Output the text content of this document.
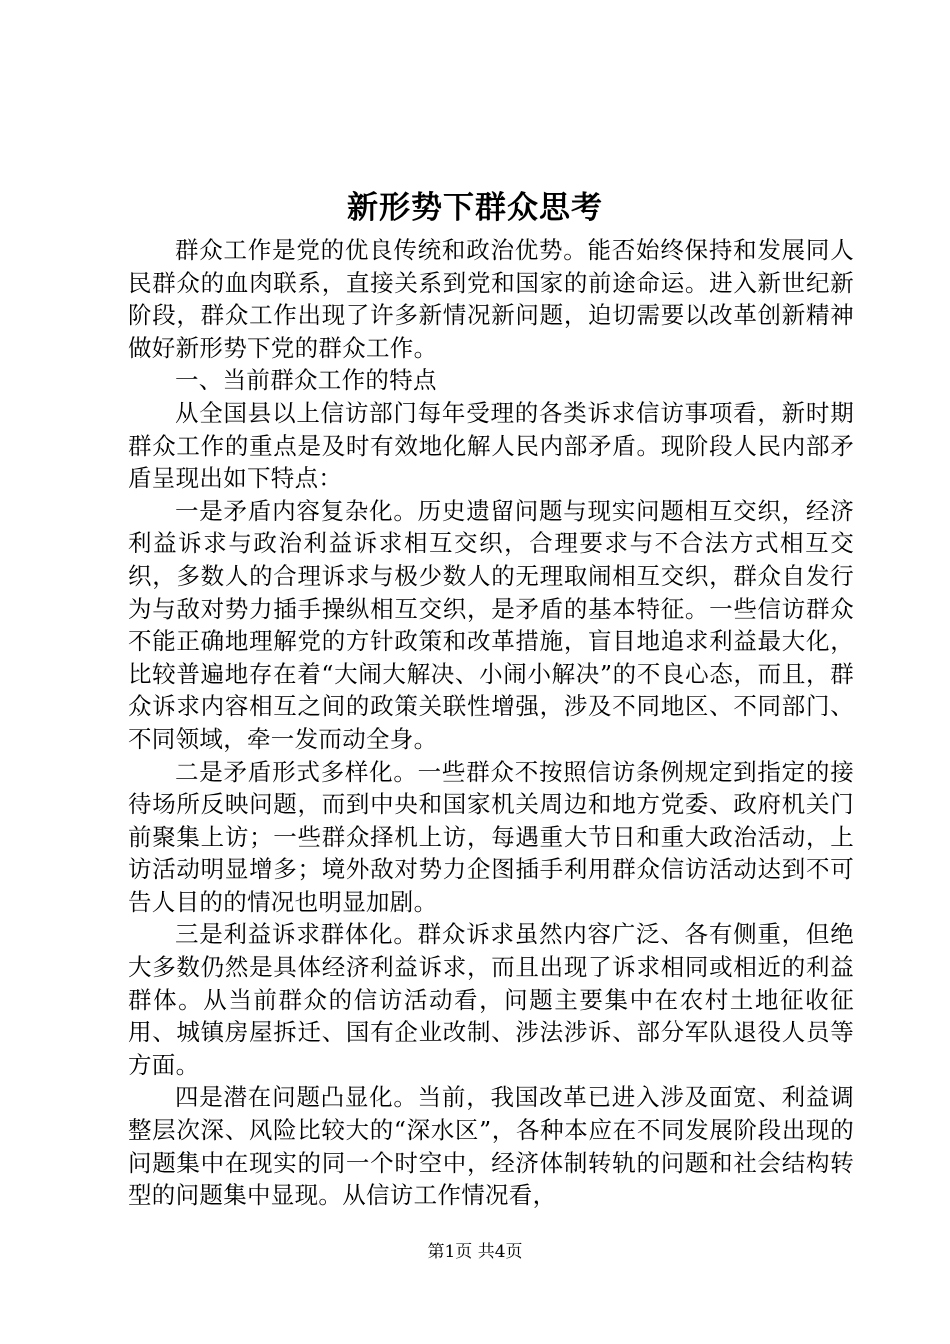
新形势下群众思考

群众工作是党的优良传统和政治优势。能否始终保持和发展同人民群众的血肉联系，直接关系到党和国家的前途命运。进入新世纪新阶段，群众工作出现了许多新情况新问题，迫切需要以改革创新精神做好新形势下党的群众工作。

一、当前群众工作的特点

从全国县以上信访部门每年受理的各类诉求信访事项看，新时期群众工作的重点是及时有效地化解人民内部矛盾。现阶段人民内部矛盾呈现出如下特点：

一是矛盾内容复杂化。历史遗留问题与现实问题相互交织，经济利益诉求与政治利益诉求相互交织，合理要求与不合法方式相互交织，多数人的合理诉求与极少数人的无理取闹相互交织，群众自发行为与敌对势力插手操纵相互交织，是矛盾的基本特征。一些信访群众不能正确地理解党的方针政策和改革措施，盲目地追求利益最大化，比较普遍地存在着“大闹大解决、小闹小解决”的不良心态，而且，群众诉求内容相互之间的政策关联性增强，涉及不同地区、不同部门、不同领域，牵一发而动全身。

二是矛盾形式多样化。一些群众不按照信访条例规定到指定的接待场所反映问题，而到中央和国家机关周边和地方党委、政府机关门前聚集上访；一些群众择机上访，每遇重大节日和重大政治活动，上访活动明显增多；境外敌对势力企图插手利用群众信访活动达到不可告人目的的情况也明显加剧。

三是利益诉求群体化。群众诉求虽然内容广泛、各有侧重，但绝大多数仍然是具体经济利益诉求，而且出现了诉求相同或相近的利益群体。从当前群众的信访活动看，问题主要集中在农村土地征收征用、城镇房屋拆迁、国有企业改制、涉法涉诉、部分军队退役人员等方面。

四是潜在问题凸显化。当前，我国改革已进入涉及面宽、利益调整层次深、风险比较大的“深水区”，各种本应在不同发展阶段出现的问题集中在现实的同一个时空中，经济体制转轨的问题和社会结构转型的问题集中显现。从信访工作情况看，

第1页 共4页
